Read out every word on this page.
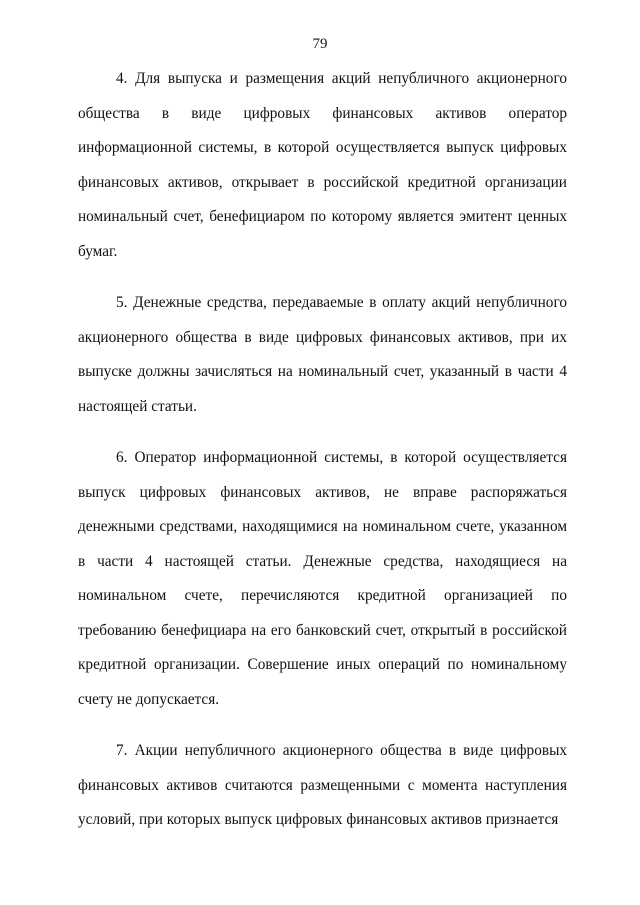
79

4. Для выпуска и размещения акций непубличного акционерного общества в виде цифровых финансовых активов оператор информационной системы, в которой осуществляется выпуск цифровых финансовых активов, открывает в российской кредитной организации номинальный счет, бенефициаром по которому является эмитент ценных бумаг.

5. Денежные средства, передаваемые в оплату акций непубличного акционерного общества в виде цифровых финансовых активов, при их выпуске должны зачисляться на номинальный счет, указанный в части 4 настоящей статьи.

6. Оператор информационной системы, в которой осуществляется выпуск цифровых финансовых активов, не вправе распоряжаться денежными средствами, находящимися на номинальном счете, указанном в части 4 настоящей статьи. Денежные средства, находящиеся на номинальном счете, перечисляются кредитной организацией по требованию бенефициара на его банковский счет, открытый в российской кредитной организации. Совершение иных операций по номинальному счету не допускается.

7. Акции непубличного акционерного общества в виде цифровых финансовых активов считаются размещенными с момента наступления условий, при которых выпуск цифровых финансовых активов признается
